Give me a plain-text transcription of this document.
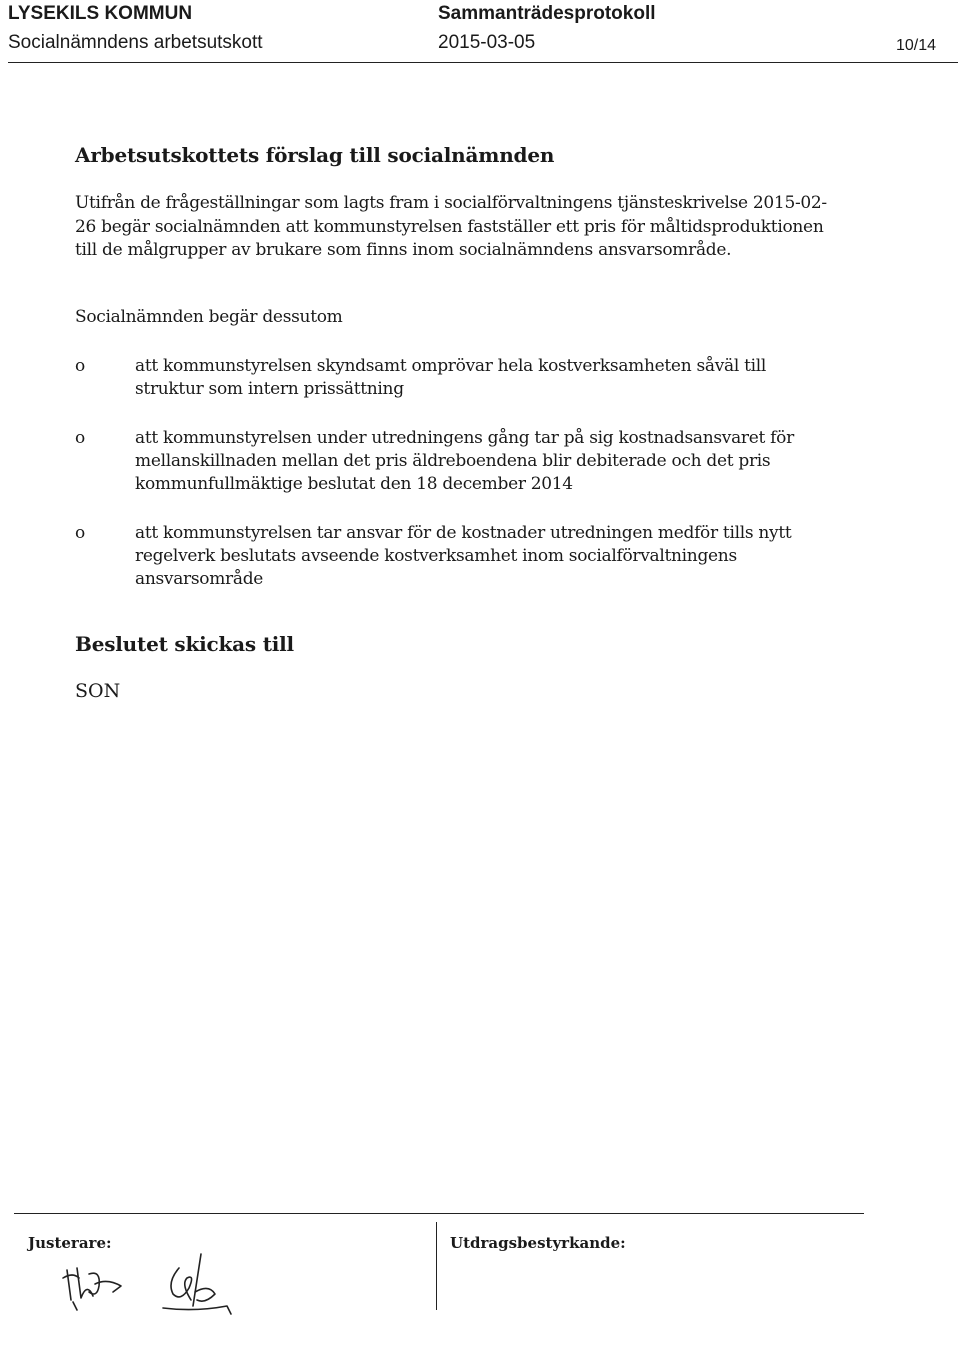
LYSEKILS KOMMUN
Socialnämndens arbetsutskott
Sammanträdesprotokoll
2015-03-05	10/14
Arbetsutskottets förslag till socialnämnden
Utifrån de frågeställningar som lagts fram i socialförvaltningens tjänsteskrivelse 2015-02-26 begär socialnämnden att kommunstyrelsen fastställer ett pris för måltidsproduktionen till de målgrupper av brukare som finns inom socialnämndens ansvarsområde.
Socialnämnden begär dessutom
o	att kommunstyrelsen skyndsamt omprövar hela kostverksamheten såväl till struktur som intern prissättning
o	att kommunstyrelsen under utredningens gång tar på sig kostnadsansvaret för mellanskillnaden mellan det pris äldreboendena blir debiterade och det pris kommunfullmäktige beslutat den 18 december 2014
o	att kommunstyrelsen tar ansvar för de kostnader utredningen medför tills nytt regelverk beslutats avseende kostverksamhet inom socialförvaltningens ansvarsområde
Beslutet skickas till
SON
Justerare:	Utdragsbestyrkande:
